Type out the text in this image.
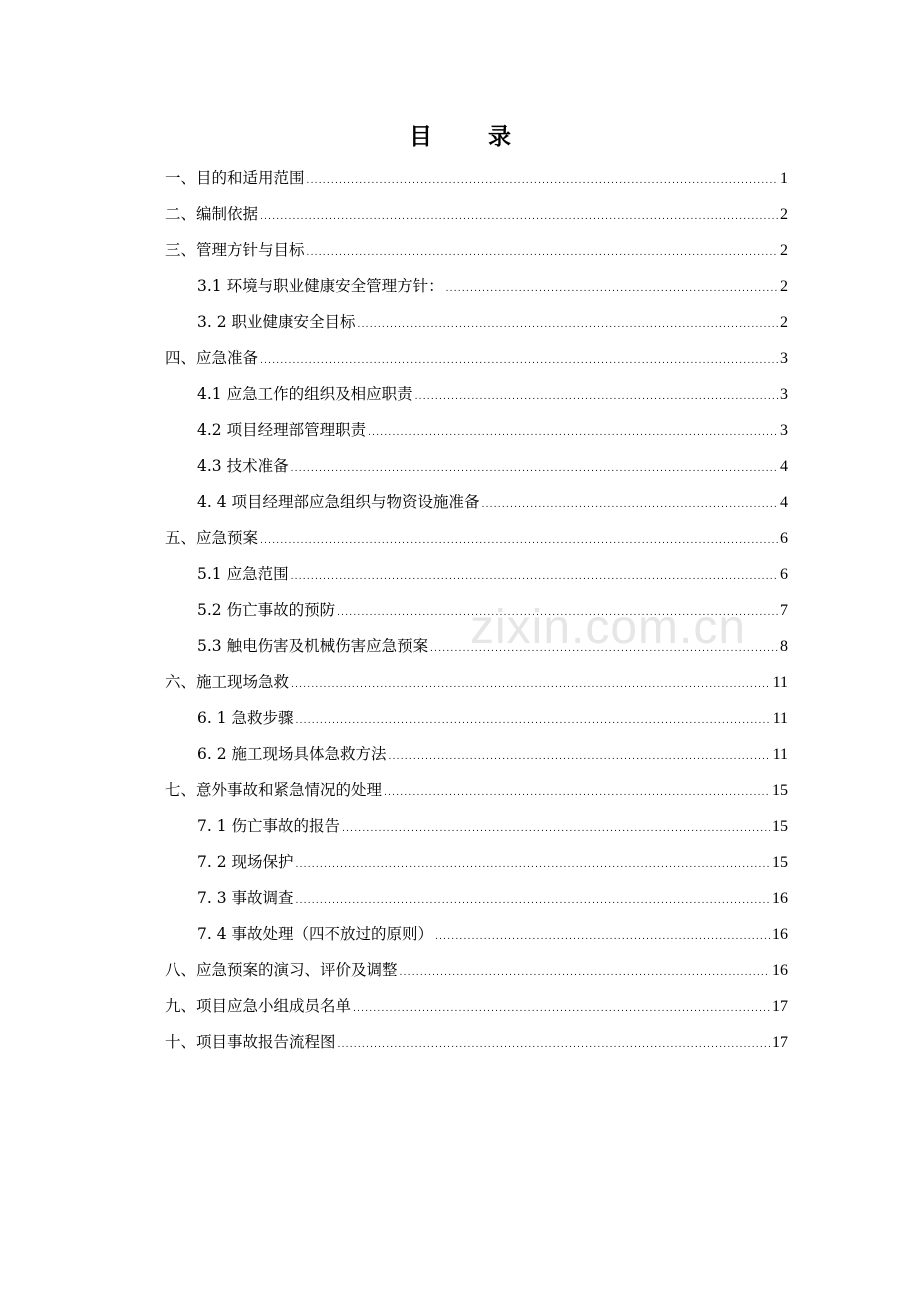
目 录
一、目的和适用范围 .....	1
二、编制依据 .....	2
三、管理方针与目标 .....	2
3.1 环境与职业健康安全管理方针： .....	2
3. 2 职业健康安全目标 .....	2
四、应急准备 .....	3
4.1 应急工作的组织及相应职责 .....	3
4.2 项目经理部管理职责 .....	3
4.3 技术准备 .....	4
4. 4 项目经理部应急组织与物资设施准备 .....	4
五、应急预案 .....	6
5.1 应急范围 .....	6
5.2 伤亡事故的预防 .....	7
5.3 触电伤害及机械伤害应急预案 .....	8
六、施工现场急救 .....	11
6. 1 急救步骤 .....	11
6. 2 施工现场具体急救方法 .....	11
七、意外事故和紧急情况的处理 .....	15
7. 1 伤亡事故的报告 .....	15
7. 2 现场保护 .....	15
7. 3 事故调查 .....	16
7. 4 事故处理（四不放过的原则） .....	16
八、应急预案的演习、评价及调整 .....	16
九、项目应急小组成员名单 .....	17
十、项目事故报告流程图 .....	17
zixin.com.cn
